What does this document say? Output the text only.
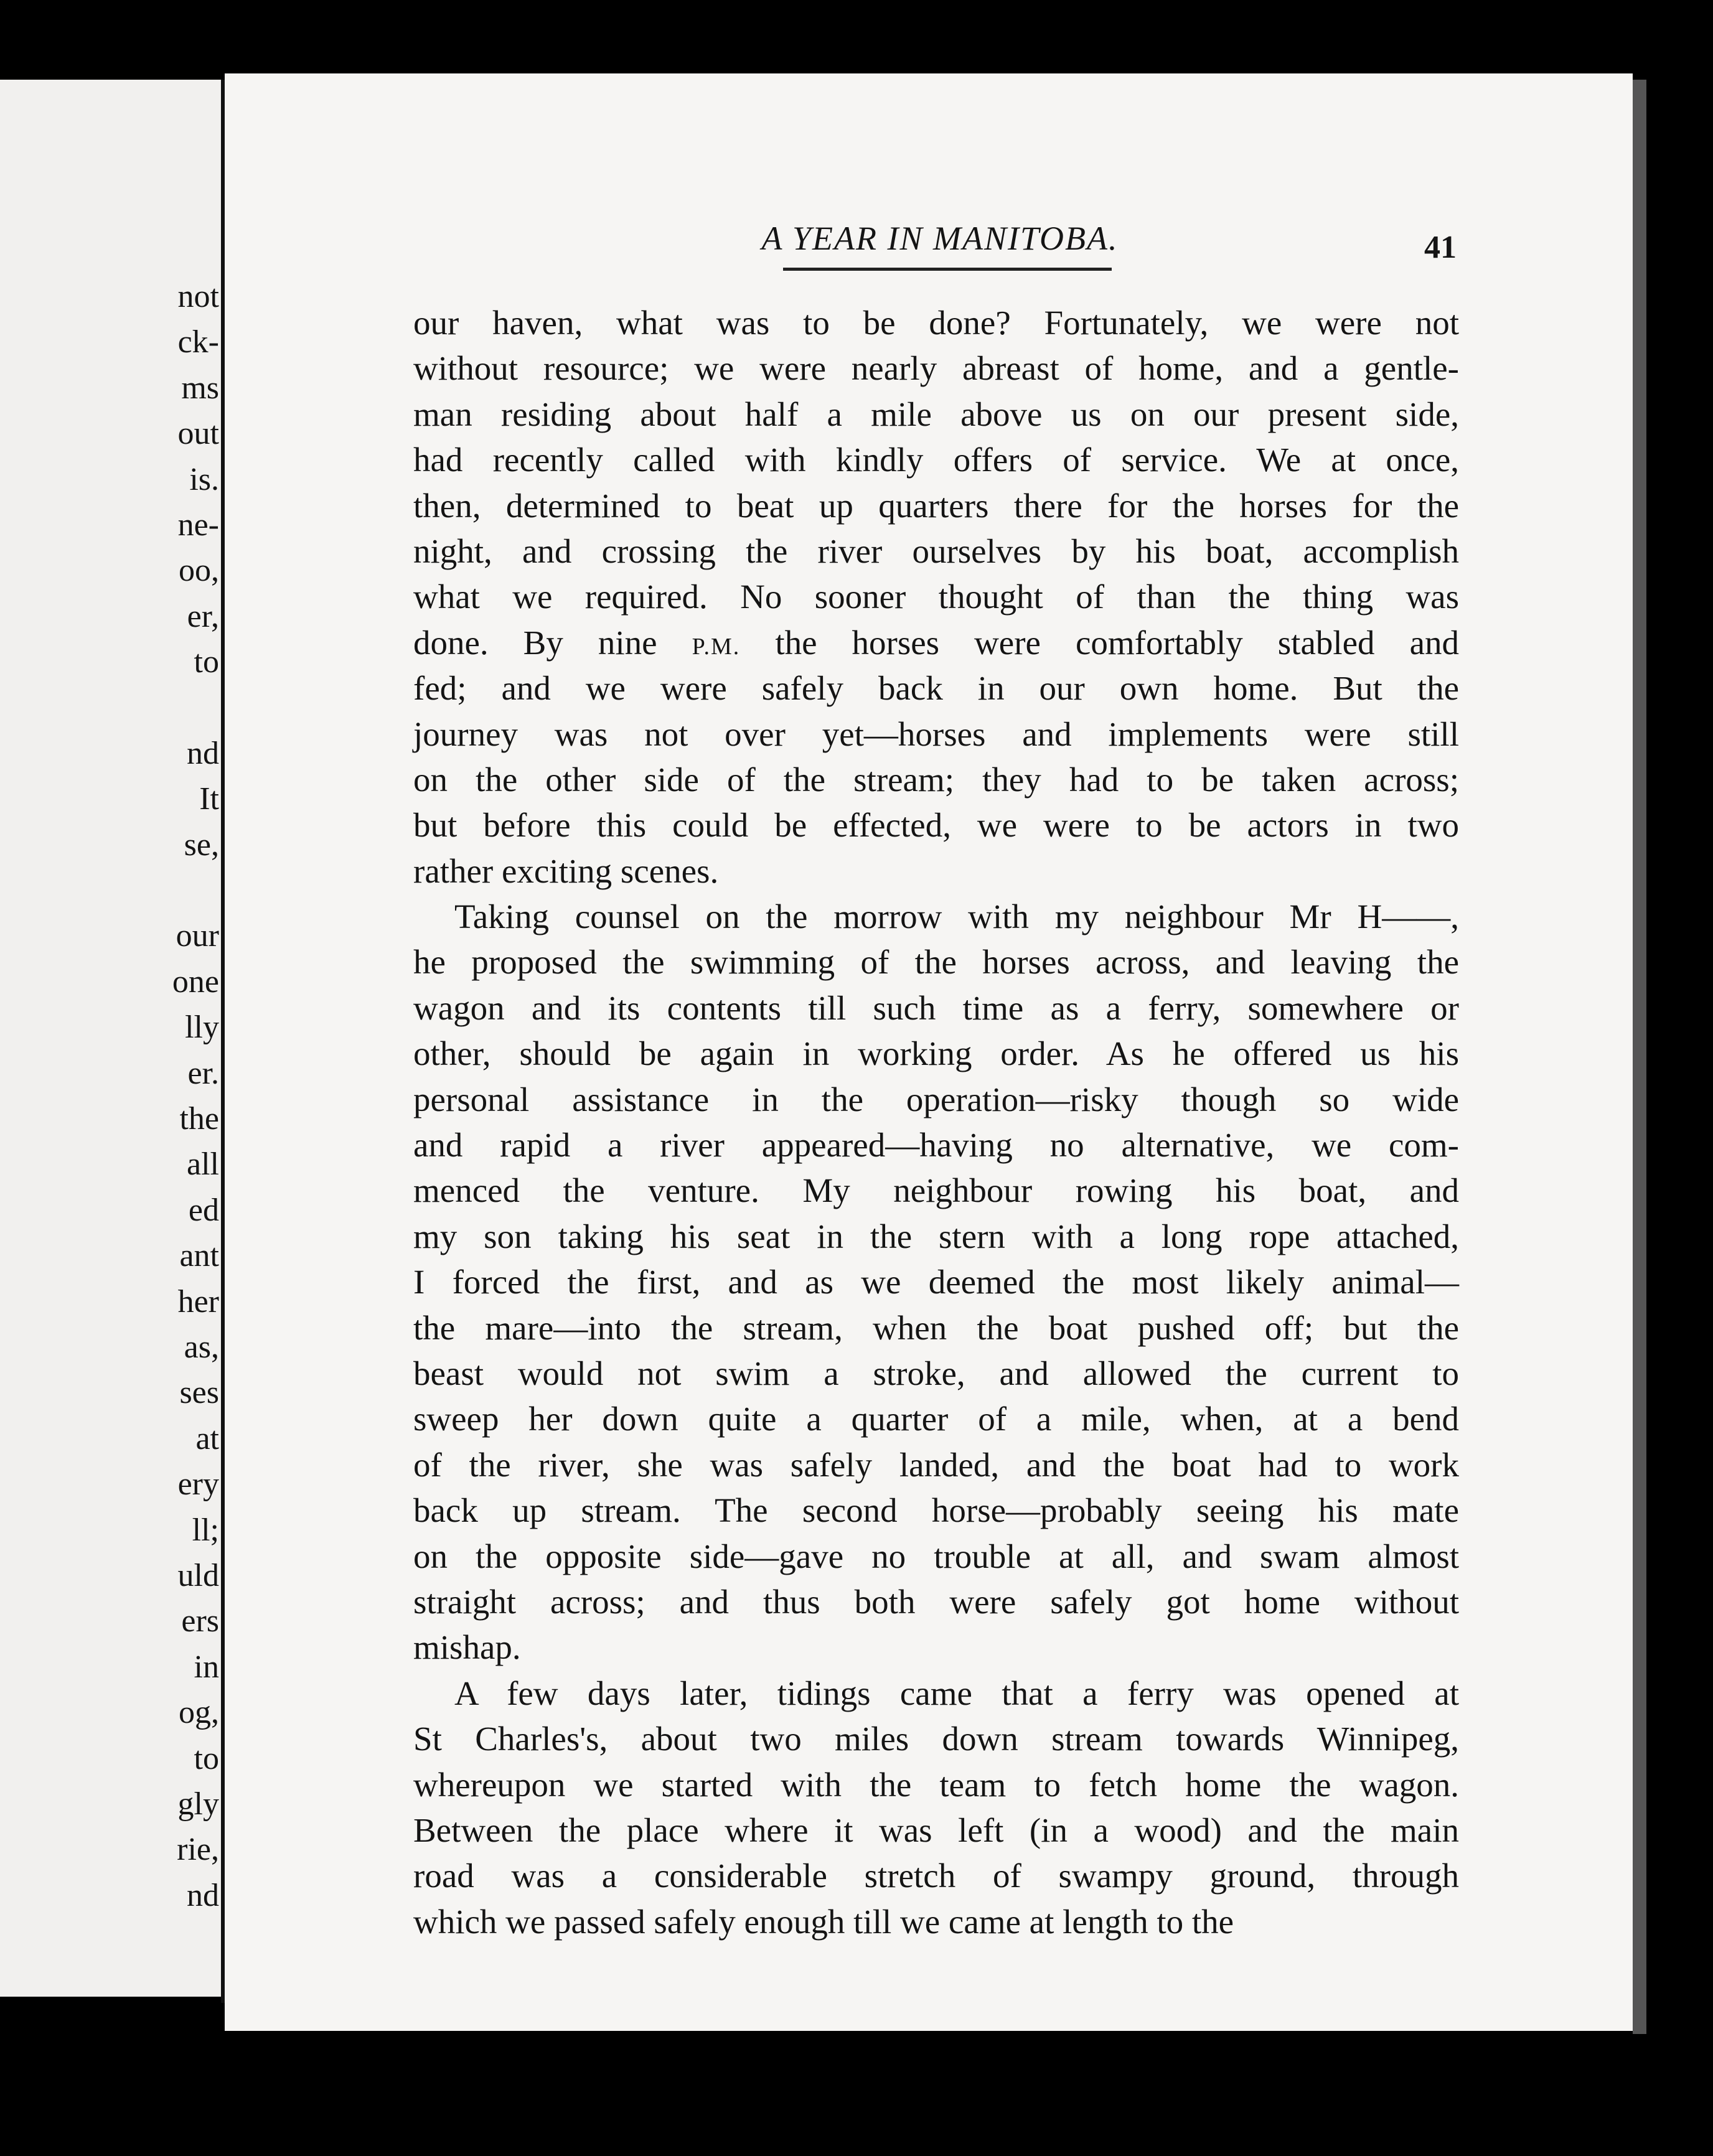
not
ck-
ms
out
is.
ne-
oo,
er,
to
nd
It
se,
our
one
lly
er.
the
all
ed
ant
her
as,
ses
at
ery
ll;
uld
ers
in
og,
to
gly
rie,
nd
A YEAR IN MANITOBA.	41
our haven, what was to be done? Fortunately, we were not
without resource; we were nearly abreast of home, and a gentle-
man residing about half a mile above us on our present side,
had recently called with kindly offers of service. We at once,
then, determined to beat up quarters there for the horses for the
night, and crossing the river ourselves by his boat, accomplish
what we required. No sooner thought of than the thing was
done. By nine P.M. the horses were comfortably stabled and
fed; and we were safely back in our own home. But the
journey was not over yet—horses and implements were still
on the other side of the stream; they had to be taken across;
but before this could be effected, we were to be actors in two
rather exciting scenes.
Taking counsel on the morrow with my neighbour Mr H——,
he proposed the swimming of the horses across, and leaving the
wagon and its contents till such time as a ferry, somewhere or
other, should be again in working order. As he offered us his
personal assistance in the operation—risky though so wide
and rapid a river appeared—having no alternative, we com-
menced the venture. My neighbour rowing his boat, and
my son taking his seat in the stern with a long rope attached,
I forced the first, and as we deemed the most likely animal—
the mare—into the stream, when the boat pushed off; but the
beast would not swim a stroke, and allowed the current to
sweep her down quite a quarter of a mile, when, at a bend
of the river, she was safely landed, and the boat had to work
back up stream. The second horse—probably seeing his mate
on the opposite side—gave no trouble at all, and swam almost
straight across; and thus both were safely got home without
mishap.
A few days later, tidings came that a ferry was opened at
St Charles's, about two miles down stream towards Winnipeg,
whereupon we started with the team to fetch home the wagon.
Between the place where it was left (in a wood) and the main
road was a considerable stretch of swampy ground, through
which we passed safely enough till we came at length to the
